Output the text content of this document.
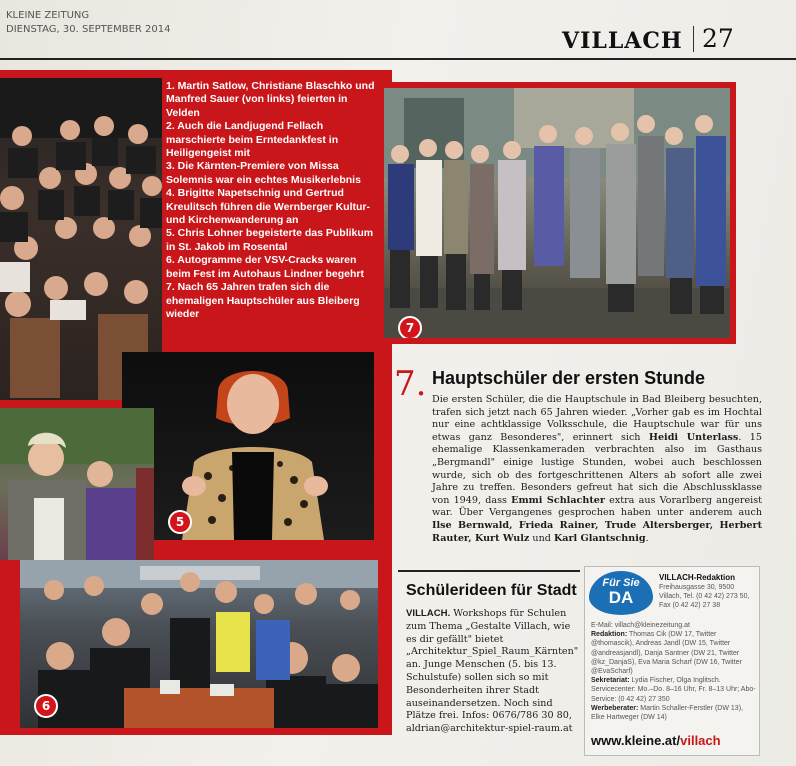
KLEINE ZEITUNG
DIENSTAG, 30. SEPTEMBER 2014	VILLACH 27

1. Martin Satlow, Christiane Blaschko und Manfred Sauer (von links) feierten in Velden

2. Auch die Landjugend Fellach marschierte beim Erntedankfest in Heiligengeist mit

3. Die Kärnten-Premiere von Missa Solemnis war ein echtes Musikerlebnis

4. Brigitte Napetschnig und Gertrud Kreulitsch führen die Wernberger Kultur- und Kirchenwanderung an

5. Chris Lohner begeisterte das Publikum in St. Jakob im Rosental

6. Autogramme der VSV-Cracks waren beim Fest im Autohaus Lindner begehrt

7. Nach 65 Jahren trafen sich die ehemaligen Hauptschüler aus Bleiberg wieder

7
5
6
7. Hauptschüler der ersten Stunde
Die ersten Schüler, die die Hauptschule in Bad Bleiberg besuchten, trafen sich jetzt nach 65 Jahren wieder. „Vorher gab es im Hochtal nur eine achtklassige Volksschule, die Hauptschule war für uns etwas ganz Besonderes", erinnert sich Heidi Unterlass. 15 ehemalige Klassenkameraden verbrachten also im Gasthaus „Bergmandl" einige lustige Stunden, wobei auch beschlossen wurde, sich ob des fortgeschrittenen Alters ab sofort alle zwei Jahre zu treffen. Besonders gefreut hat sich die Abschlussklasse von 1949, dass Emmi Schlachter extra aus Vorarlberg angereist war. Über Vergangenes gesprochen haben unter anderem auch Ilse Bernwald, Frieda Rainer, Trude Altersberger, Herbert Rauter, Kurt Wulz und Karl Glantschnig.
Schülerideen für Stadt
VILLACH. Workshops für Schulen zum Thema „Gestalte Villach, wie es dir gefällt" bietet „Architektur_Spiel_Raum_Kärnten" an. Junge Menschen (5. bis 13. Schulstufe) sollen sich so mit Besonderheiten ihrer Stadt auseinandersetzen. Noch sind Plätze frei. Infos: 0676/786 30 80, aldrian@architektur-spiel-raum.at
Für Sie
DA
VILLACH-Redaktion
Freihausgasse 30, 9500 Villach, Tel. (0 42 42) 273 50, Fax (0 42 42) 27 38
E-Mail: villach@kleinezeitung.at
Redaktion: Thomas Cik (DW 17, Twitter @thomascik), Andreas Jandl (DW 15, Twitter @andreasjandl), Danja Santner (DW 21, Twitter @kz_DanjaS), Eva Maria Scharf (DW 16, Twitter @EvaScharf)
Sekretariat: Lydia Fischer, Olga Inglitsch. Servicecenter: Mo.–Do. 8–16 Uhr, Fr. 8–13 Uhr; Abo-Service: (0 42 42) 27 350
Werbeberater: Martin Schaller-Ferstler (DW 13), Elke Hartweger (DW 14)
www.kleine.at/villach
